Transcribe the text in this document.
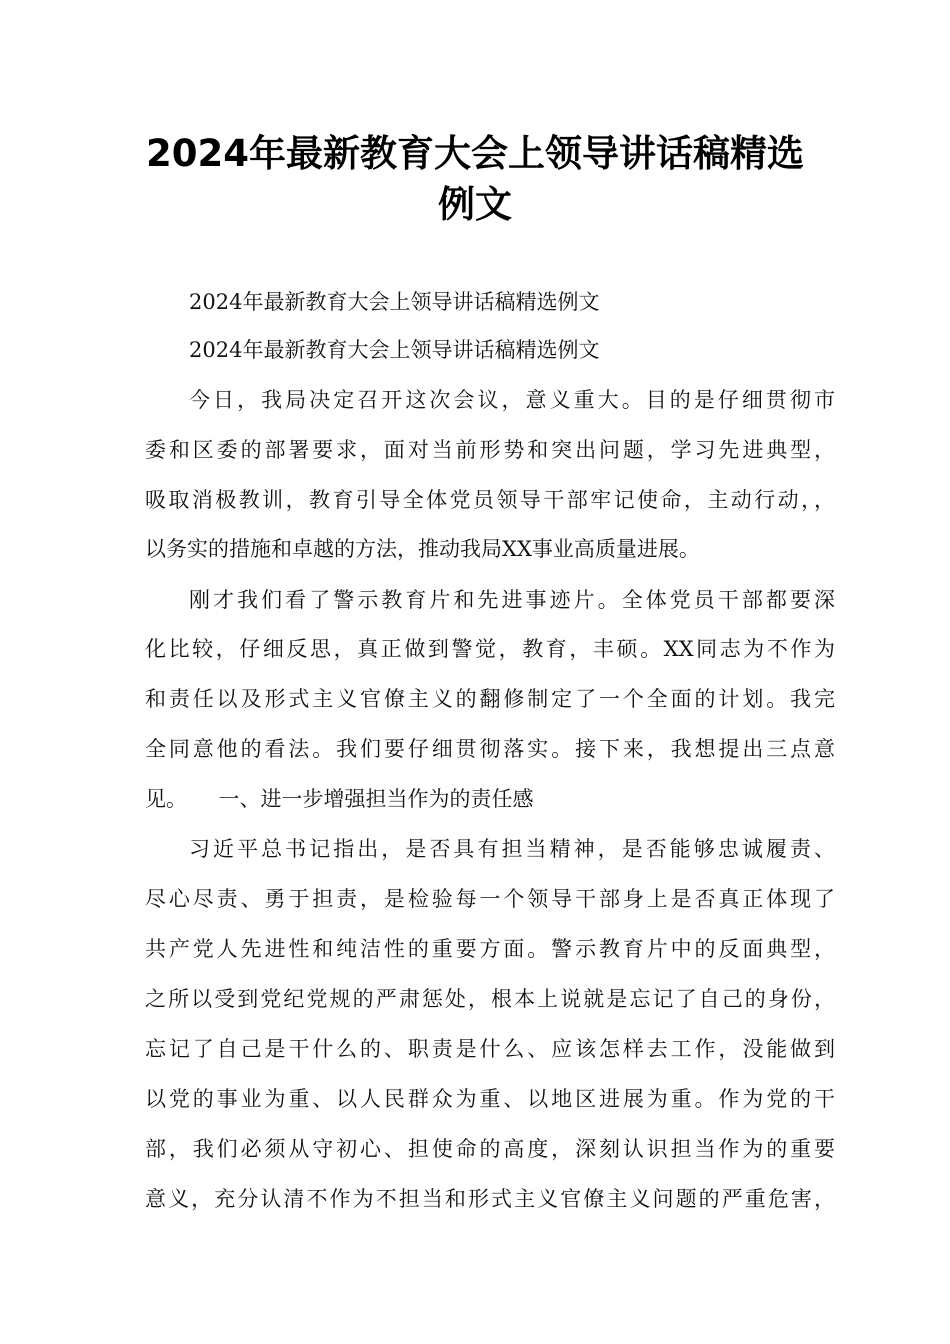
2024年最新教育大会上领导讲话稿精选
例文

2024年最新教育大会上领导讲话稿精选例文

2024年最新教育大会上领导讲话稿精选例文

今日，我局决定召开这次会议，意义重大。目的是仔细贯彻市

委和区委的部署要求，面对当前形势和突出问题，学习先进典型，

吸取消极教训，教育引导全体党员领导干部牢记使命，主动行动，，

以务实的措施和卓越的方法，推动我局XX事业高质量进展。

刚才我们看了警示教育片和先进事迹片。全体党员干部都要深

化比较，仔细反思，真正做到警觉，教育，丰硕。XX同志为不作为

和责任以及形式主义官僚主义的翻修制定了一个全面的计划。我完

全同意他的看法。我们要仔细贯彻落实。接下来，我想提出三点意

见。　　一、进一步增强担当作为的责任感

习近平总书记指出，是否具有担当精神，是否能够忠诚履责、

尽心尽责、勇于担责，是检验每一个领导干部身上是否真正体现了

共产党人先进性和纯洁性的重要方面。警示教育片中的反面典型，

之所以受到党纪党规的严肃惩处，根本上说就是忘记了自己的身份，

忘记了自己是干什么的、职责是什么、应该怎样去工作，没能做到

以党的事业为重、以人民群众为重、以地区进展为重。作为党的干

部，我们必须从守初心、担使命的高度，深刻认识担当作为的重要

意义，充分认清不作为不担当和形式主义官僚主义问题的严重危害，
